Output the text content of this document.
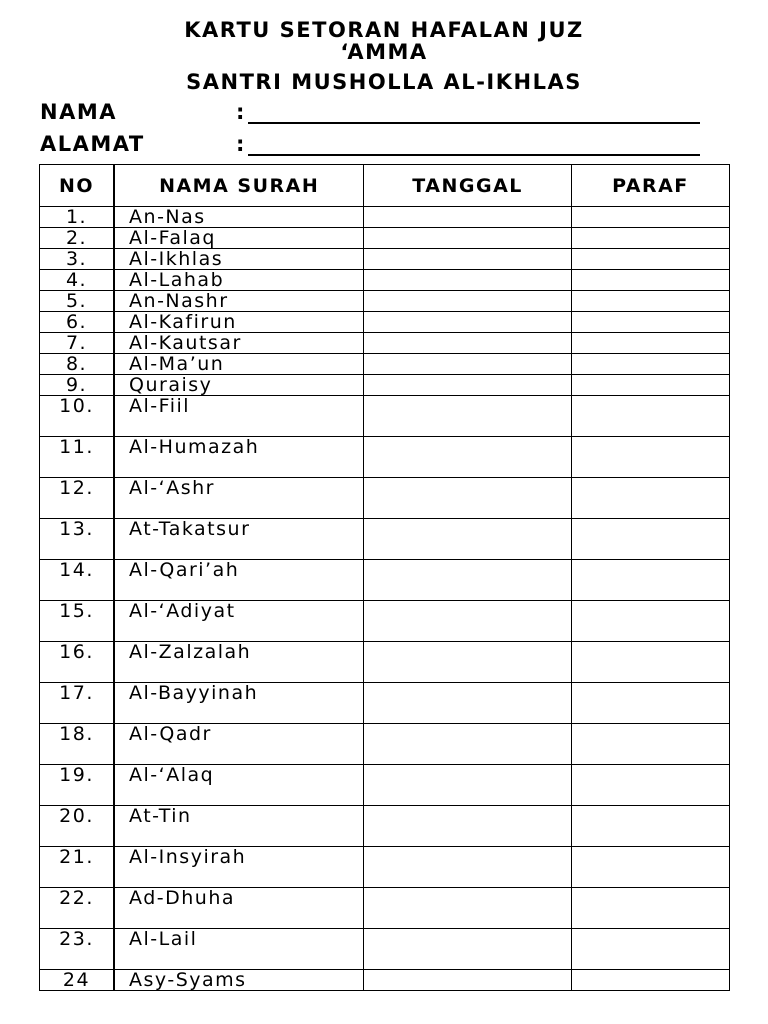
KARTU SETORAN HAFALAN JUZ
‘AMMA
SANTRI MUSHOLLA AL-IKHLAS
NAMA	:
ALAMAT	:
NO	NAMA SURAH	TANGGAL	PARAF

1.	An-Nas		

2.	Al-Falaq		

3.	Al-Ikhlas		

4.	Al-Lahab		

5.	An-Nashr		

6.	Al-Kafirun		

7.	Al-Kautsar		

8.	Al-Ma’un		

9.	Quraisy		

10.	Al-Fiil		

11.	Al-Humazah		

12.	Al-‘Ashr		

13.	At-Takatsur		

14.	Al-Qari’ah		

15.	Al-‘Adiyat		

16.	Al-Zalzalah		

17.	Al-Bayyinah		

18.	Al-Qadr		

19.	Al-‘Alaq		

20.	At-Tin		

21.	Al-Insyirah		

22.	Ad-Dhuha		

23.	Al-Lail		

24	Asy-Syams		
